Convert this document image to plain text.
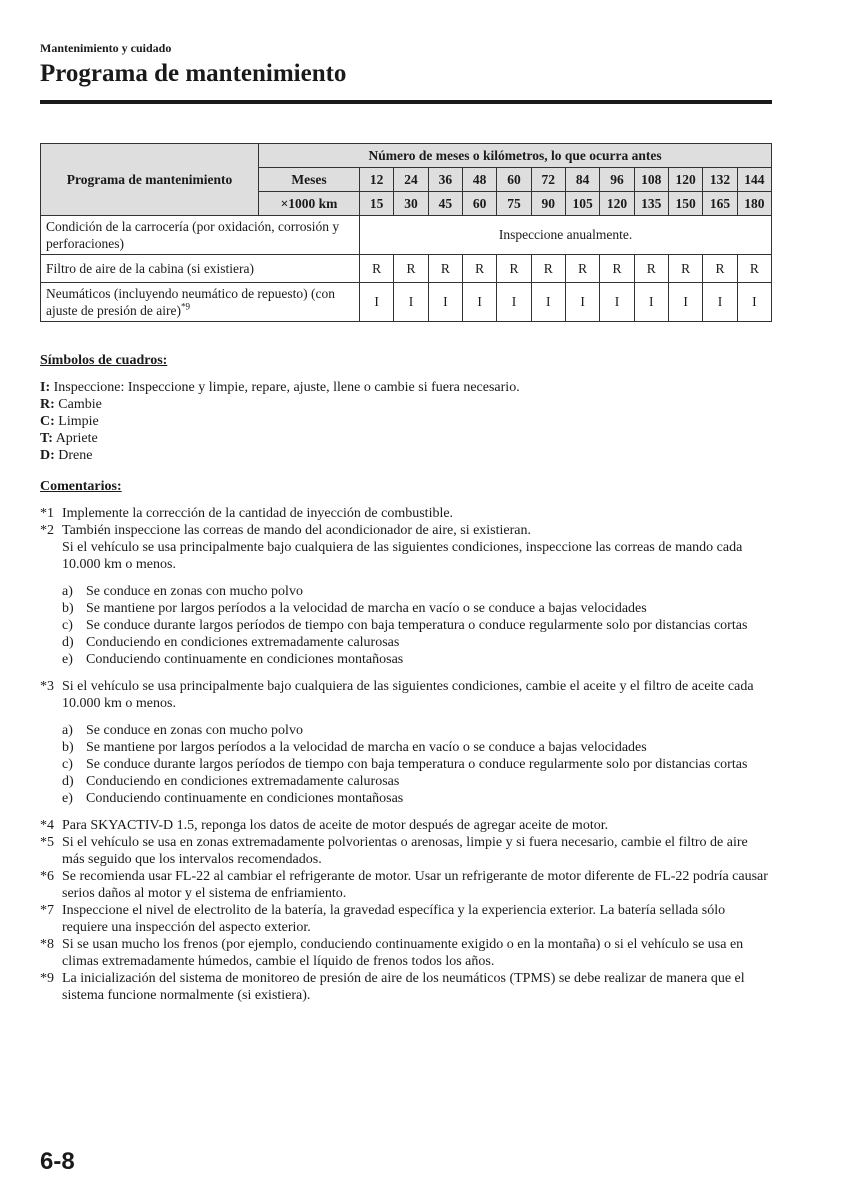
Mantenimiento y cuidado

Programa de mantenimiento
Programa de mantenimiento	Número de meses o kilómetros, lo que ocurra antes												
	Meses	12	24	36	48	60	72	84	96	108	120	132	144
	×1000 km	15	30	45	60	75	90	105	120	135	150	165	180
Condición de la carrocería (por oxidación, corrosión y perforaciones)		Inspeccione anualmente.											
Filtro de aire de la cabina (si existiera)		R	R	R	R	R	R	R	R	R	R	R	R
Neumáticos (incluyendo neumático de repuesto) (con ajuste de presión de aire)$^{*9}$		I	I	I	I	I	I	I	I	I	I	I	I

Símbolos de cuadros:

I: Inspeccione: Inspeccione y limpie, repare, ajuste, llene o cambie si fuera necesario.

R: Cambie

C: Limpie

T: Apriete

D: Drene

Comentarios:

*1 Implemente la corrección de la cantidad de inyección de combustible.
*2 También inspeccione las correas de mando del acondicionador de aire, si existieran.

Si el vehículo se usa principalmente bajo cualquiera de las siguientes condiciones, inspeccione las correas de mando cada 10.000 km o menos.

a) Se conduce en zonas con mucho polvo
b) Se mantiene por largos períodos a la velocidad de marcha en vacío o se conduce a bajas velocidades
c) Se conduce durante largos períodos de tiempo con baja temperatura o conduce regularmente solo por distancias cortas
d) Conduciendo en condiciones extremadamente calurosas
e) Conduciendo continuamente en condiciones montañosas
*3 Si el vehículo se usa principalmente bajo cualquiera de las siguientes condiciones, cambie el aceite y el filtro de aceite cada 10.000 km o menos.
a) Se conduce en zonas con mucho polvo
b) Se mantiene por largos períodos a la velocidad de marcha en vacío o se conduce a bajas velocidades
c) Se conduce durante largos períodos de tiempo con baja temperatura o conduce regularmente solo por distancias cortas
d) Conduciendo en condiciones extremadamente calurosas
e) Conduciendo continuamente en condiciones montañosas
*4 Para SKYACTIV-D 1.5, reponga los datos de aceite de motor después de agregar aceite de motor.
*5 Si el vehículo se usa en zonas extremadamente polvorientas o arenosas, limpie y si fuera necesario, cambie el filtro de aire más seguido que los intervalos recomendados.
*6 Se recomienda usar FL-22 al cambiar el refrigerante de motor. Usar un refrigerante de motor diferente de FL-22 podría causar serios daños al motor y el sistema de enfriamiento.
*7 Inspeccione el nivel de electrolito de la batería, la gravedad específica y la experiencia exterior. La batería sellada sólo requiere una inspección del aspecto exterior.
*8 Si se usan mucho los frenos (por ejemplo, conduciendo continuamente exigido o en la montaña) o si el vehículo se usa en climas extremadamente húmedos, cambie el líquido de frenos todos los años.
*9 La inicialización del sistema de monitoreo de presión de aire de los neumáticos (TPMS) se debe realizar de manera que el sistema funcione normalmente (si existiera).
6-8
